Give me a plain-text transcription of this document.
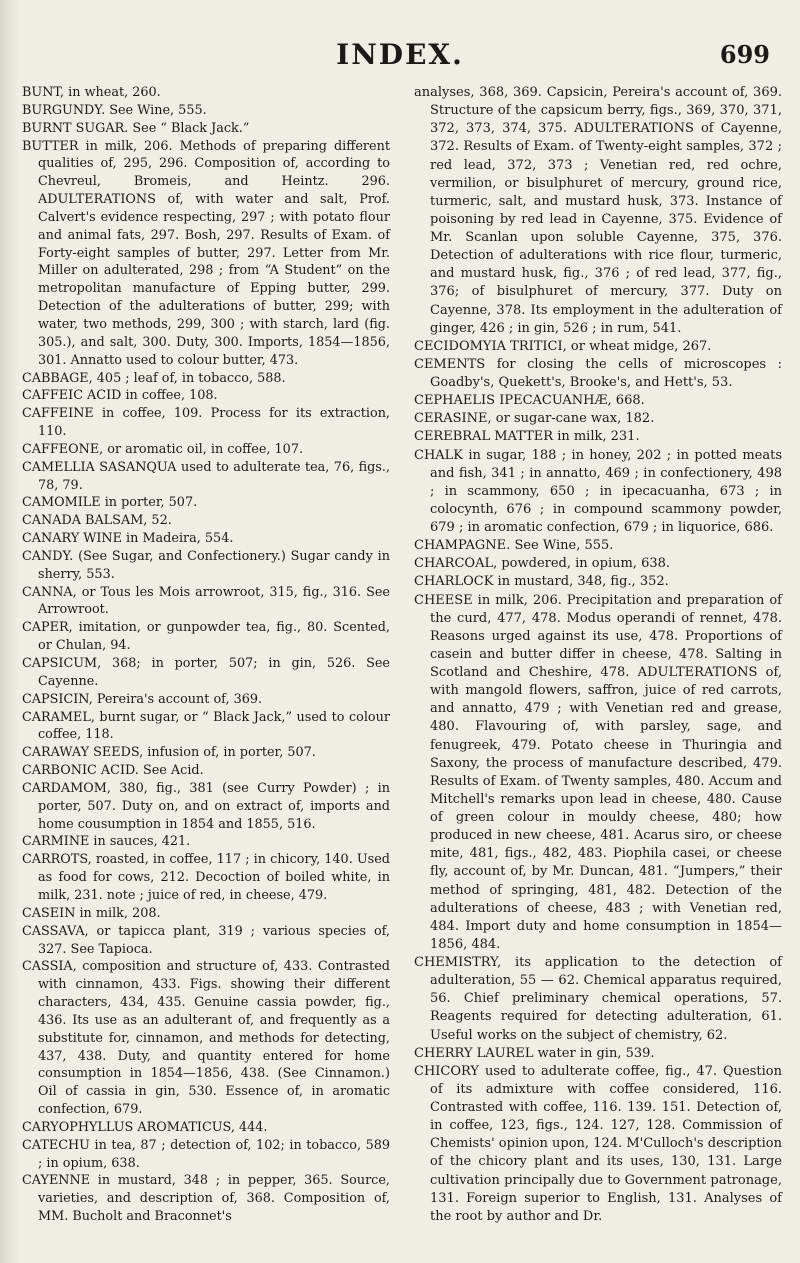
INDEX.	699

BUNT, in wheat, 260.

BURGUNDY. See Wine, 555.

BURNT SUGAR. See “ Black Jack.”

BUTTER in milk, 206. Methods of preparing different qualities of, 295, 296. Composition of, according to Chevreul, Bromeis, and Heintz. 296. ADULTERATIONS of, with water and salt, Prof. Calvert's evidence respecting, 297 ; with potato flour and animal fats, 297. Bosh, 297. Results of Exam. of Forty-eight samples of butter, 297. Letter from Mr. Miller on adulterated, 298 ; from “A Student” on the metropolitan manufacture of Epping butter, 299. Detection of the adulterations of butter, 299; with water, two methods, 299, 300 ; with starch, lard (fig. 305.), and salt, 300. Duty, 300. Imports, 1854—1856, 301. Annatto used to colour butter, 473.

CABBAGE, 405 ; leaf of, in tobacco, 588.

CAFFEIC ACID in coffee, 108.

CAFFEINE in coffee, 109. Process for its extraction, 110.

CAFFEONE, or aromatic oil, in coffee, 107.

CAMELLIA SASANQUA used to adulterate tea, 76, figs., 78, 79.

CAMOMILE in porter, 507.

CANADA BALSAM, 52.

CANARY WINE in Madeira, 554.

CANDY. (See Sugar, and Confectionery.) Sugar candy in sherry, 553.

CANNA, or Tous les Mois arrowroot, 315, fig., 316. See Arrowroot.

CAPER, imitation, or gunpowder tea, fig., 80. Scented, or Chulan, 94.

CAPSICUM, 368; in porter, 507; in gin, 526. See Cayenne.

CAPSICIN, Pereira's account of, 369.

CARAMEL, burnt sugar, or “ Black Jack,” used to colour coffee, 118.

CARAWAY SEEDS, infusion of, in porter, 507.

CARBONIC ACID. See Acid.

CARDAMOM, 380, fig., 381 (see Curry Powder) ; in porter, 507. Duty on, and on extract of, imports and home cousumption in 1854 and 1855, 516.

CARMINE in sauces, 421.

CARROTS, roasted, in coffee, 117 ; in chicory, 140. Used as food for cows, 212. Decoction of boiled white, in milk, 231. note ; juice of red, in cheese, 479.

CASEIN in milk, 208.

CASSAVA, or tapicca plant, 319 ; various species of, 327. See Tapioca.

CASSIA, composition and structure of, 433. Contrasted with cinnamon, 433. Figs. showing their different characters, 434, 435. Genuine cassia powder, fig., 436. Its use as an adulterant of, and frequently as a substitute for, cinnamon, and methods for detecting, 437, 438. Duty, and quantity entered for home consumption in 1854—1856, 438. (See Cinnamon.) Oil of cassia in gin, 530. Essence of, in aromatic confection, 679.

CARYOPHYLLUS AROMATICUS, 444.

CATECHU in tea, 87 ; detection of, 102; in tobacco, 589 ; in opium, 638.

CAYENNE in mustard, 348 ; in pepper, 365. Source, varieties, and description of, 368. Composition of, MM. Bucholt and Braconnet's

analyses, 368, 369. Capsicin, Pereira's account of, 369. Structure of the capsicum berry, figs., 369, 370, 371, 372, 373, 374, 375. ADULTERATIONS of Cayenne, 372. Results of Exam. of Twenty-eight samples, 372 ; red lead, 372, 373 ; Venetian red, red ochre, vermilion, or bisulphuret of mercury, ground rice, turmeric, salt, and mustard husk, 373. Instance of poisoning by red lead in Cayenne, 375. Evidence of Mr. Scanlan upon soluble Cayenne, 375, 376. Detection of adulterations with rice flour, turmeric, and mustard husk, fig., 376 ; of red lead, 377, fig., 376; of bisulphuret of mercury, 377. Duty on Cayenne, 378. Its employment in the adulteration of ginger, 426 ; in gin, 526 ; in rum, 541.

CECIDOMYIA TRITICI, or wheat midge, 267.

CEMENTS for closing the cells of microscopes : Goadby's, Quekett's, Brooke's, and Hett's, 53.

CEPHAELIS IPECACUANHÆ, 668.

CERASINE, or sugar-cane wax, 182.

CEREBRAL MATTER in milk, 231.

CHALK in sugar, 188 ; in honey, 202 ; in potted meats and fish, 341 ; in annatto, 469 ; in confectionery, 498 ; in scammony, 650 ; in ipecacuanha, 673 ; in colocynth, 676 ; in compound scammony powder, 679 ; in aromatic confection, 679 ; in liquorice, 686.

CHAMPAGNE. See Wine, 555.

CHARCOAL, powdered, in opium, 638.

CHARLOCK in mustard, 348, fig., 352.

CHEESE in milk, 206. Precipitation and preparation of the curd, 477, 478. Modus operandi of rennet, 478. Reasons urged against its use, 478. Proportions of casein and butter differ in cheese, 478. Salting in Scotland and Cheshire, 478. ADULTERATIONS of, with mangold flowers, saffron, juice of red carrots, and annatto, 479 ; with Venetian red and grease, 480. Flavouring of, with parsley, sage, and fenugreek, 479. Potato cheese in Thuringia and Saxony, the process of manufacture described, 479. Results of Exam. of Twenty samples, 480. Accum and Mitchell's remarks upon lead in cheese, 480. Cause of green colour in mouldy cheese, 480; how produced in new cheese, 481. Acarus siro, or cheese mite, 481, figs., 482, 483. Piophila casei, or cheese fly, account of, by Mr. Duncan, 481. “Jumpers,” their method of springing, 481, 482. Detection of the adulterations of cheese, 483 ; with Venetian red, 484. Import duty and home consumption in 1854—1856, 484.

CHEMISTRY, its application to the detection of adulteration, 55 — 62. Chemical apparatus required, 56. Chief preliminary chemical operations, 57. Reagents required for detecting adulteration, 61. Useful works on the subject of chemistry, 62.

CHERRY LAUREL water in gin, 539.

CHICORY used to adulterate coffee, fig., 47. Question of its admixture with coffee considered, 116. Contrasted with coffee, 116. 139. 151. Detection of, in coffee, 123, figs., 124. 127, 128. Commission of Chemists' opinion upon, 124. M'Culloch's description of the chicory plant and its uses, 130, 131. Large cultivation principally due to Government patronage, 131. Foreign superior to English, 131. Analyses of the root by author and Dr.
